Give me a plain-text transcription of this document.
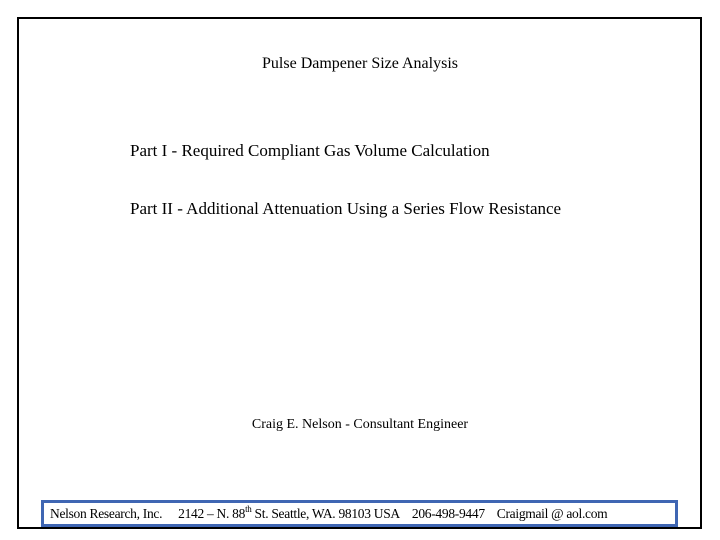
Pulse Dampener Size Analysis
Part I - Required Compliant Gas Volume Calculation
Part II - Additional Attenuation Using a Series Flow Resistance
Craig E. Nelson - Consultant Engineer
Nelson Research, Inc. 2142 – N. 88th St. Seattle, WA. 98103 USA 206-498-9447 Craigmail @ aol.com
